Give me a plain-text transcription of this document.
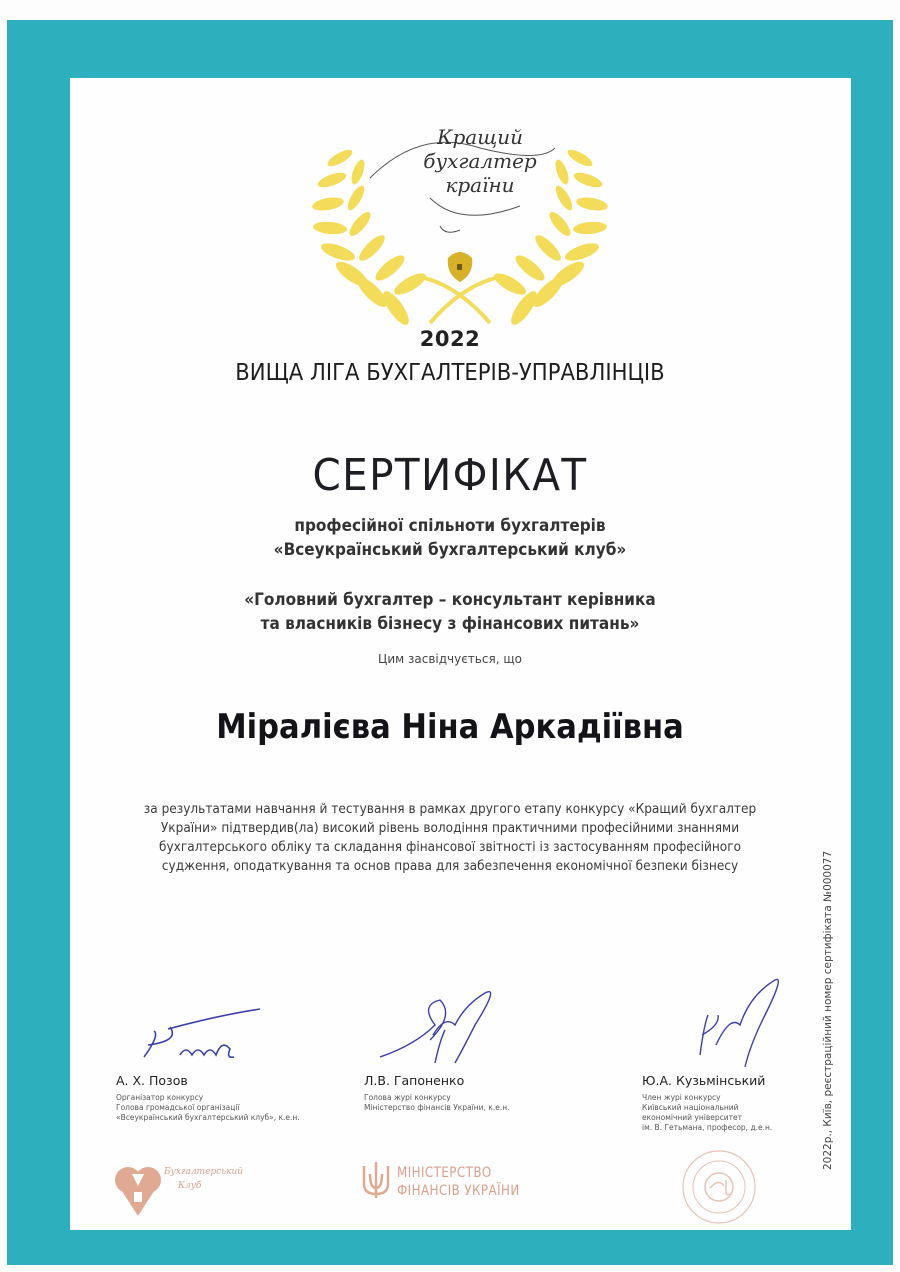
Кращий
бухгалтер
країни
2022
ВИЩА ЛІГА БУХГАЛТЕРІВ-УПРАВЛІНЦІВ
СЕРТИФІКАТ
професійної спільноти бухгалтерів
«Всеукраїнський бухгалтерський клуб»
«Головний бухгалтер – консультант керівника
та власників бізнесу з фінансових питань»
Цим засвідчується, що
Міралієва Ніна Аркадіївна
за результатами навчання й тестування в рамках другого етапу конкурсу «Кращий бухгалтер
України» підтвердив(ла) високий рівень володіння практичними професійними знаннями
бухгалтерського обліку та складання фінансової звітності із застосуванням професійного
судження, оподаткування та основ права для забезпечення економічної безпеки бізнесу
А. Х. Позов
Організатор конкурсу
Голова громадської організації
«Всеукраїнський бухгалтерський клуб», к.е.н.
Л.В. Гапоненко
Голова журі конкурсу
Міністерство фінансів України, к.е.н.
Ю.А. Кузьмінський
Член журі конкурсу
Київський національний
економічний університет
ім. В. Гетьмана, професор, д.е.н.	2022р., Київ, реєстраційний номер сертифіката №000077
Бухгалтерський
Клуб
МІНІСТЕРСТВО
ФІНАНСІВ УКРАЇНИ
